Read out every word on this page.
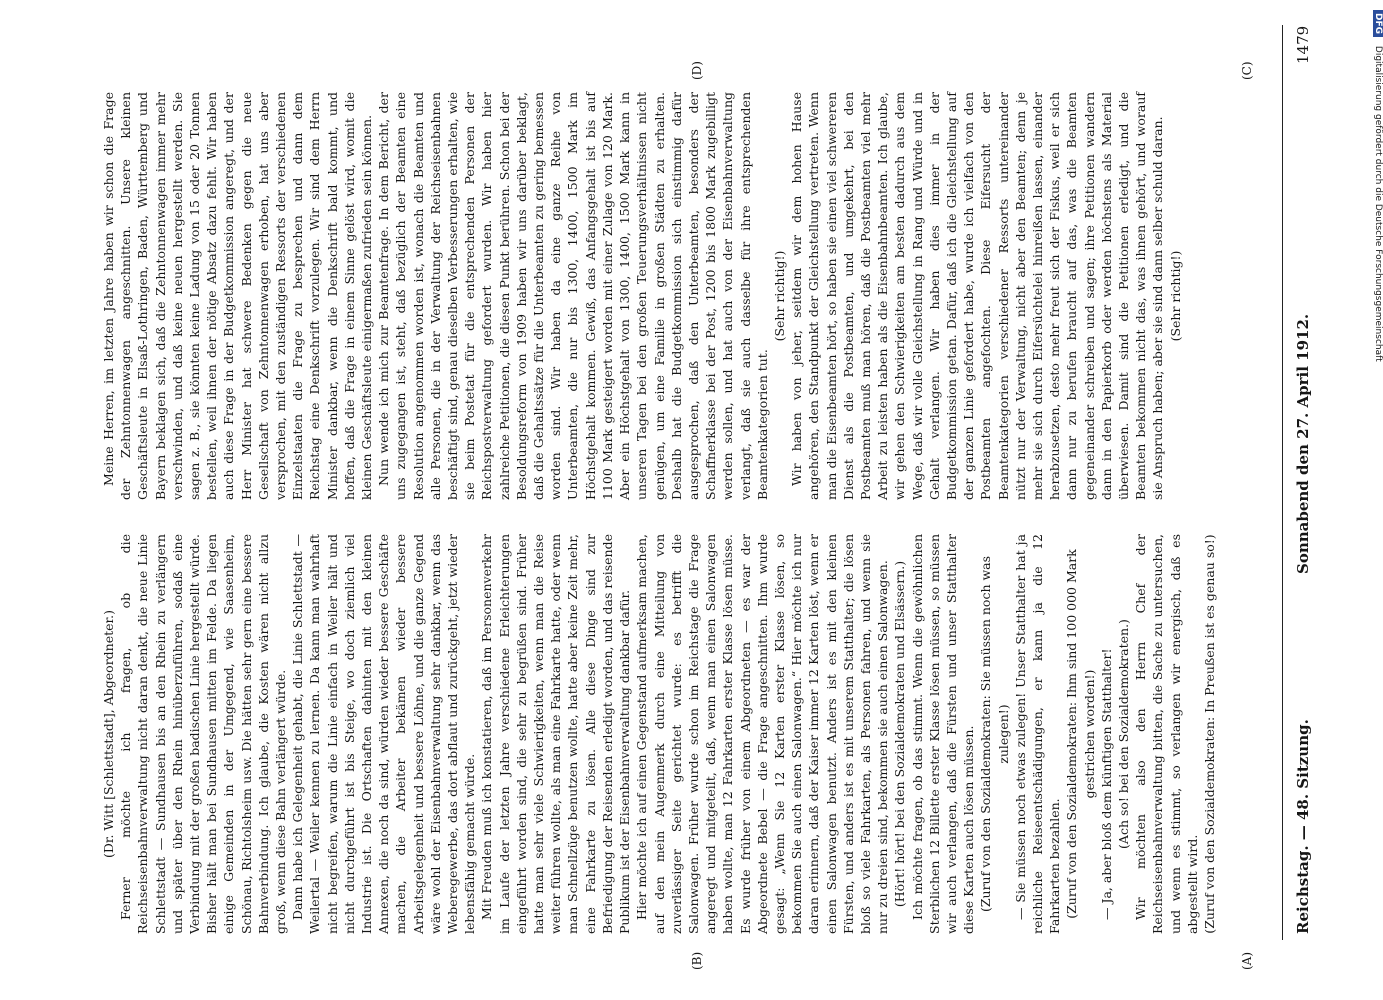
Reichstag. — 48. Sitzung.
Sonnabend den 27. April 1912.
1479

(Dr. Witt [Schlettstadt], Abgeordneter.) Ferner möchte ich fragen, ob die Reichseisenbahnverwaltung nicht daran denkt, die neue Linie Schlettstadt — Sundhausen bis an den Rhein zu verlängern und später über den Rhein hinüberzuführen, sodaß eine Verbindung mit der großen badischen Linie hergestellt würde. Bisher hält man bei Sundhausen mitten im Felde. Da liegen einige Gemeinden in der Umgegend, wie Saasenheim, Schönau, Richtolsheim usw. Die hätten sehr gern eine bessere Bahnverbindung. Ich glaube, die Kosten wären nicht allzu groß, wenn diese Bahn verlängert würde. Dann habe ich Gelegenheit gehabt, die Linie Schlettstadt — Weilertal — Weiler kennen zu lernen. Da kann man wahrhaft nicht begreifen, warum die Linie einfach in Weiler hält und nicht durchgeführt ist bis Steige, wo doch ziemlich viel Industrie ist. Die Ortschaften dahinten mit den kleinen Annexen, die noch da sind, würden wieder bessere Geschäfte machen, die Arbeiter bekämen wieder bessere Arbeitsgelegenheit und bessere Löhne, und die ganze Gegend wäre wohl der Eisenbahnverwaltung sehr dankbar, wenn das Weberegewerbe, das dort abflaut und zurückgeht, jetzt wieder lebensfähig gemacht würde. Mit Freuden muß ich konstatieren, daß im Personenverkehr im Laufe der letzten Jahre verschiedene Erleichterungen eingeführt worden sind, die sehr zu begrüßen sind. Früher hatte man sehr viele Schwierigkeiten, wenn man die Reise weiter führen wollte, als man eine Fahrkarte hatte, oder wenn man Schnellzüge benutzen wollte, hatte aber keine Zeit mehr, eine Fahrkarte zu lösen. Alle diese Dinge sind zur Befriedigung der Reisenden erledigt worden, und das reisende Publikum ist der Eisenbahnverwaltung dankbar dafür. Hier möchte ich auf einen Gegenstand aufmerksam machen, auf den mein Augenmerk durch eine Mitteilung von zuverlässiger Seite gerichtet wurde: es betrifft die Salonwagen. Früher wurde schon im Reichstage die Frage angeregt und mitgeteilt, daß, wenn man einen Salonwagen haben wollte, man 12 Fahrkarten erster Klasse lösen müsse. Es wurde früher von einem Abgeordneten — es war der Abgeordnete Bebel — die Frage angeschnitten. Ihm wurde gesagt: „Wenn Sie 12 Karten erster Klasse lösen, so bekommen Sie auch einen Salonwagen.“ Hier möchte ich nur daran erinnern, daß der Kaiser immer 12 Karten löst, wenn er einen Salonwagen benutzt. Anders ist es mit den kleinen Fürsten, und anders ist es mit unserem Statthalter; die lösen bloß so viele Fahrkarten, als Personen fahren, und wenn sie nur zu dreien sind, bekommen sie auch einen Salonwagen. (Hört! hört! bei den Sozialdemokraten und Elsässern.) Ich möchte fragen, ob das stimmt. Wenn die gewöhnlichen Sterblichen 12 Billette erster Klasse lösen müssen, so müssen wir auch verlangen, daß die Fürsten und unser Statthalter diese Karten auch lösen müssen. (Zuruf von den Sozialdemokraten: Sie müssen noch was zulegen!) — Sie müssen noch etwas zulegen! Unser Statthalter hat ja reichliche Reiseentschädigungen, er kann ja die 12 Fahrkarten bezahlen. (Zuruf von den Sozialdemokraten: Ihm sind 100 000 Mark gestrichen worden!) — Ja, aber bloß dem künftigen Statthalter! (Ach so! bei den Sozialdemokraten.) Wir möchten also den Herrn Chef der Reichseisenbahnverwaltung bitten, die Sache zu untersuchen, und wenn es stimmt, so verlangen wir energisch, daß es abgestellt wird. (Zuruf von den Sozialdemokraten: In Preußen ist es genau so!)

Meine Herren, im letzten Jahre haben wir schon die Frage der Zehntonnenwagen angeschnitten. Unsere kleinen Geschäftsleute in Elsaß-Lothringen, Baden, Württemberg und Bayern beklagen sich, daß die Zehntonnenwagen immer mehr verschwinden, und daß keine neuen hergestellt werden. Sie sagen z. B., sie könnten keine Ladung von 15 oder 20 Tonnen bestellen, weil ihnen der nötige Absatz dazu fehlt. Wir haben auch diese Frage in der Budgetkommission angeregt, und der Herr Minister hat schwere Bedenken gegen die neue Gesellschaft von Zehntonnenwagen erhoben, hat uns aber versprochen, mit den zuständigen Ressorts der verschiedenen Einzelstaaten die Frage zu besprechen und dann dem Reichstag eine Denkschrift vorzulegen. Wir sind dem Herrn Minister dankbar, wenn die Denkschrift bald kommt, und hoffen, daß die Frage in einem Sinne gelöst wird, womit die kleinen Geschäftsleute einigermaßen zufrieden sein können. Nun wende ich mich zur Beamtenfrage. In dem Bericht, der uns zugegangen ist, steht, daß bezüglich der Beamten eine Resolution angenommen worden ist, wonach die Beamten und alle Personen, die in der Verwaltung der Reichseisenbahnen beschäftigt sind, genau dieselben Verbesserungen erhalten, wie sie beim Postetat für die entsprechenden Personen der Reichspostverwaltung gefordert wurden. Wir haben hier zahlreiche Petitionen, die diesen Punkt berühren. Schon bei der Besoldungsreform von 1909 haben wir uns darüber beklagt, daß die Gehaltssätze für die Unterbeamten zu gering bemessen worden sind. Wir haben da eine ganze Reihe von Unterbeamten, die nur bis 1300, 1400, 1500 Mark im Höchstgehalt kommen. Gewiß, das Anfangsgehalt ist bis auf 1100 Mark gesteigert worden mit einer Zulage von 120 Mark. Aber ein Höchstgehalt von 1300, 1400, 1500 Mark kann in unseren Tagen bei den großen Teuerungsverhältnissen nicht genügen, um eine Familie in großen Städten zu erhalten. Deshalb hat die Budgetkommission sich einstimmig dafür ausgesprochen, daß den Unterbeamten, besonders der Schaffnerklasse bei der Post, 1200 bis 1800 Mark zugebilligt werden sollen, und hat auch von der Eisenbahnverwaltung verlangt, daß sie auch dasselbe für ihre entsprechenden Beamtenkategorien tut.

(Sehr richtig!) Wir haben von jeher, seitdem wir dem hohen Hause angehören, den Standpunkt der Gleichstellung vertreten. Wenn man die Eisenbeamten hört, so haben sie einen viel schwereren Dienst als die Postbeamten, und umgekehrt, bei den Postbeamten muß man hören, daß die Postbeamten viel mehr Arbeit zu leisten haben als die Eisenbahnbeamten. Ich glaube, wir gehen den Schwierigkeiten am besten dadurch aus dem Wege, daß wir volle Gleichstellung in Rang und Würde und in Gehalt verlangen. Wir haben dies immer in der Budgetkommission getan. Dafür, daß ich die Gleichstellung auf der ganzen Linie gefordert habe, wurde ich vielfach von den Postbeamten angefochten. Diese Eifersucht der Beamtenkategorien verschiedener Ressorts untereinander nützt nur der Verwaltung, nicht aber den Beamten; denn je mehr sie sich durch Eifersüchtelei hinreißen lassen, einander herabzusetzen, desto mehr freut sich der Fiskus, weil er sich dann nur zu berufen braucht auf das, was die Beamten gegeneinander schreiben und sagen; ihre Petitionen wandern dann in den Papierkorb oder werden höchstens als Material überwiesen. Damit sind die Petitionen erledigt, und die Beamten bekommen nicht das, was ihnen gehört, und worauf sie Anspruch haben; aber sie sind dann selber schuld daran. (Sehr richtig!)

(A)
(B)
(C)
(D)
DFG Digitalisierung gefördert durch die Deutsche Forschungsgemeinschaft
